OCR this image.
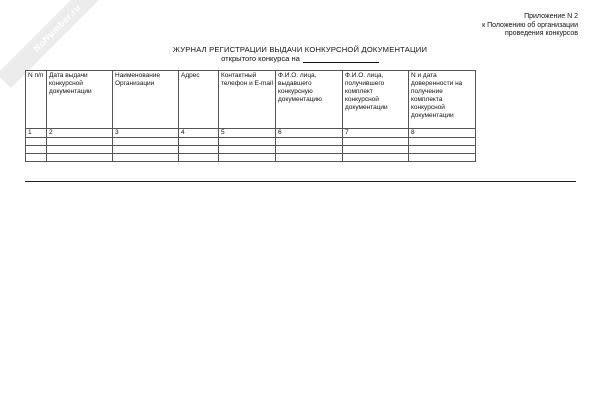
NoNumber.ru	Приложение N 2
к Положению об организации
проведения конкурсов
ЖУРНАЛ РЕГИСТРАЦИИ ВЫДАЧИ КОНКУРСНОЙ ДОКУМЕНТАЦИИ
открытого конкурса на
N п/п	Дата выдачи конкурсной документации	Наименование Организации	Адрес	Контактный телефон и E-mail	Ф.И.О. лица, выдавшего конкурсную документацию	Ф.И.О. лица, получившего комплект конкурсной документации	N и дата доверенности на получение комплекта конкурсной документации
1	2	3	4	5	6	7	8
